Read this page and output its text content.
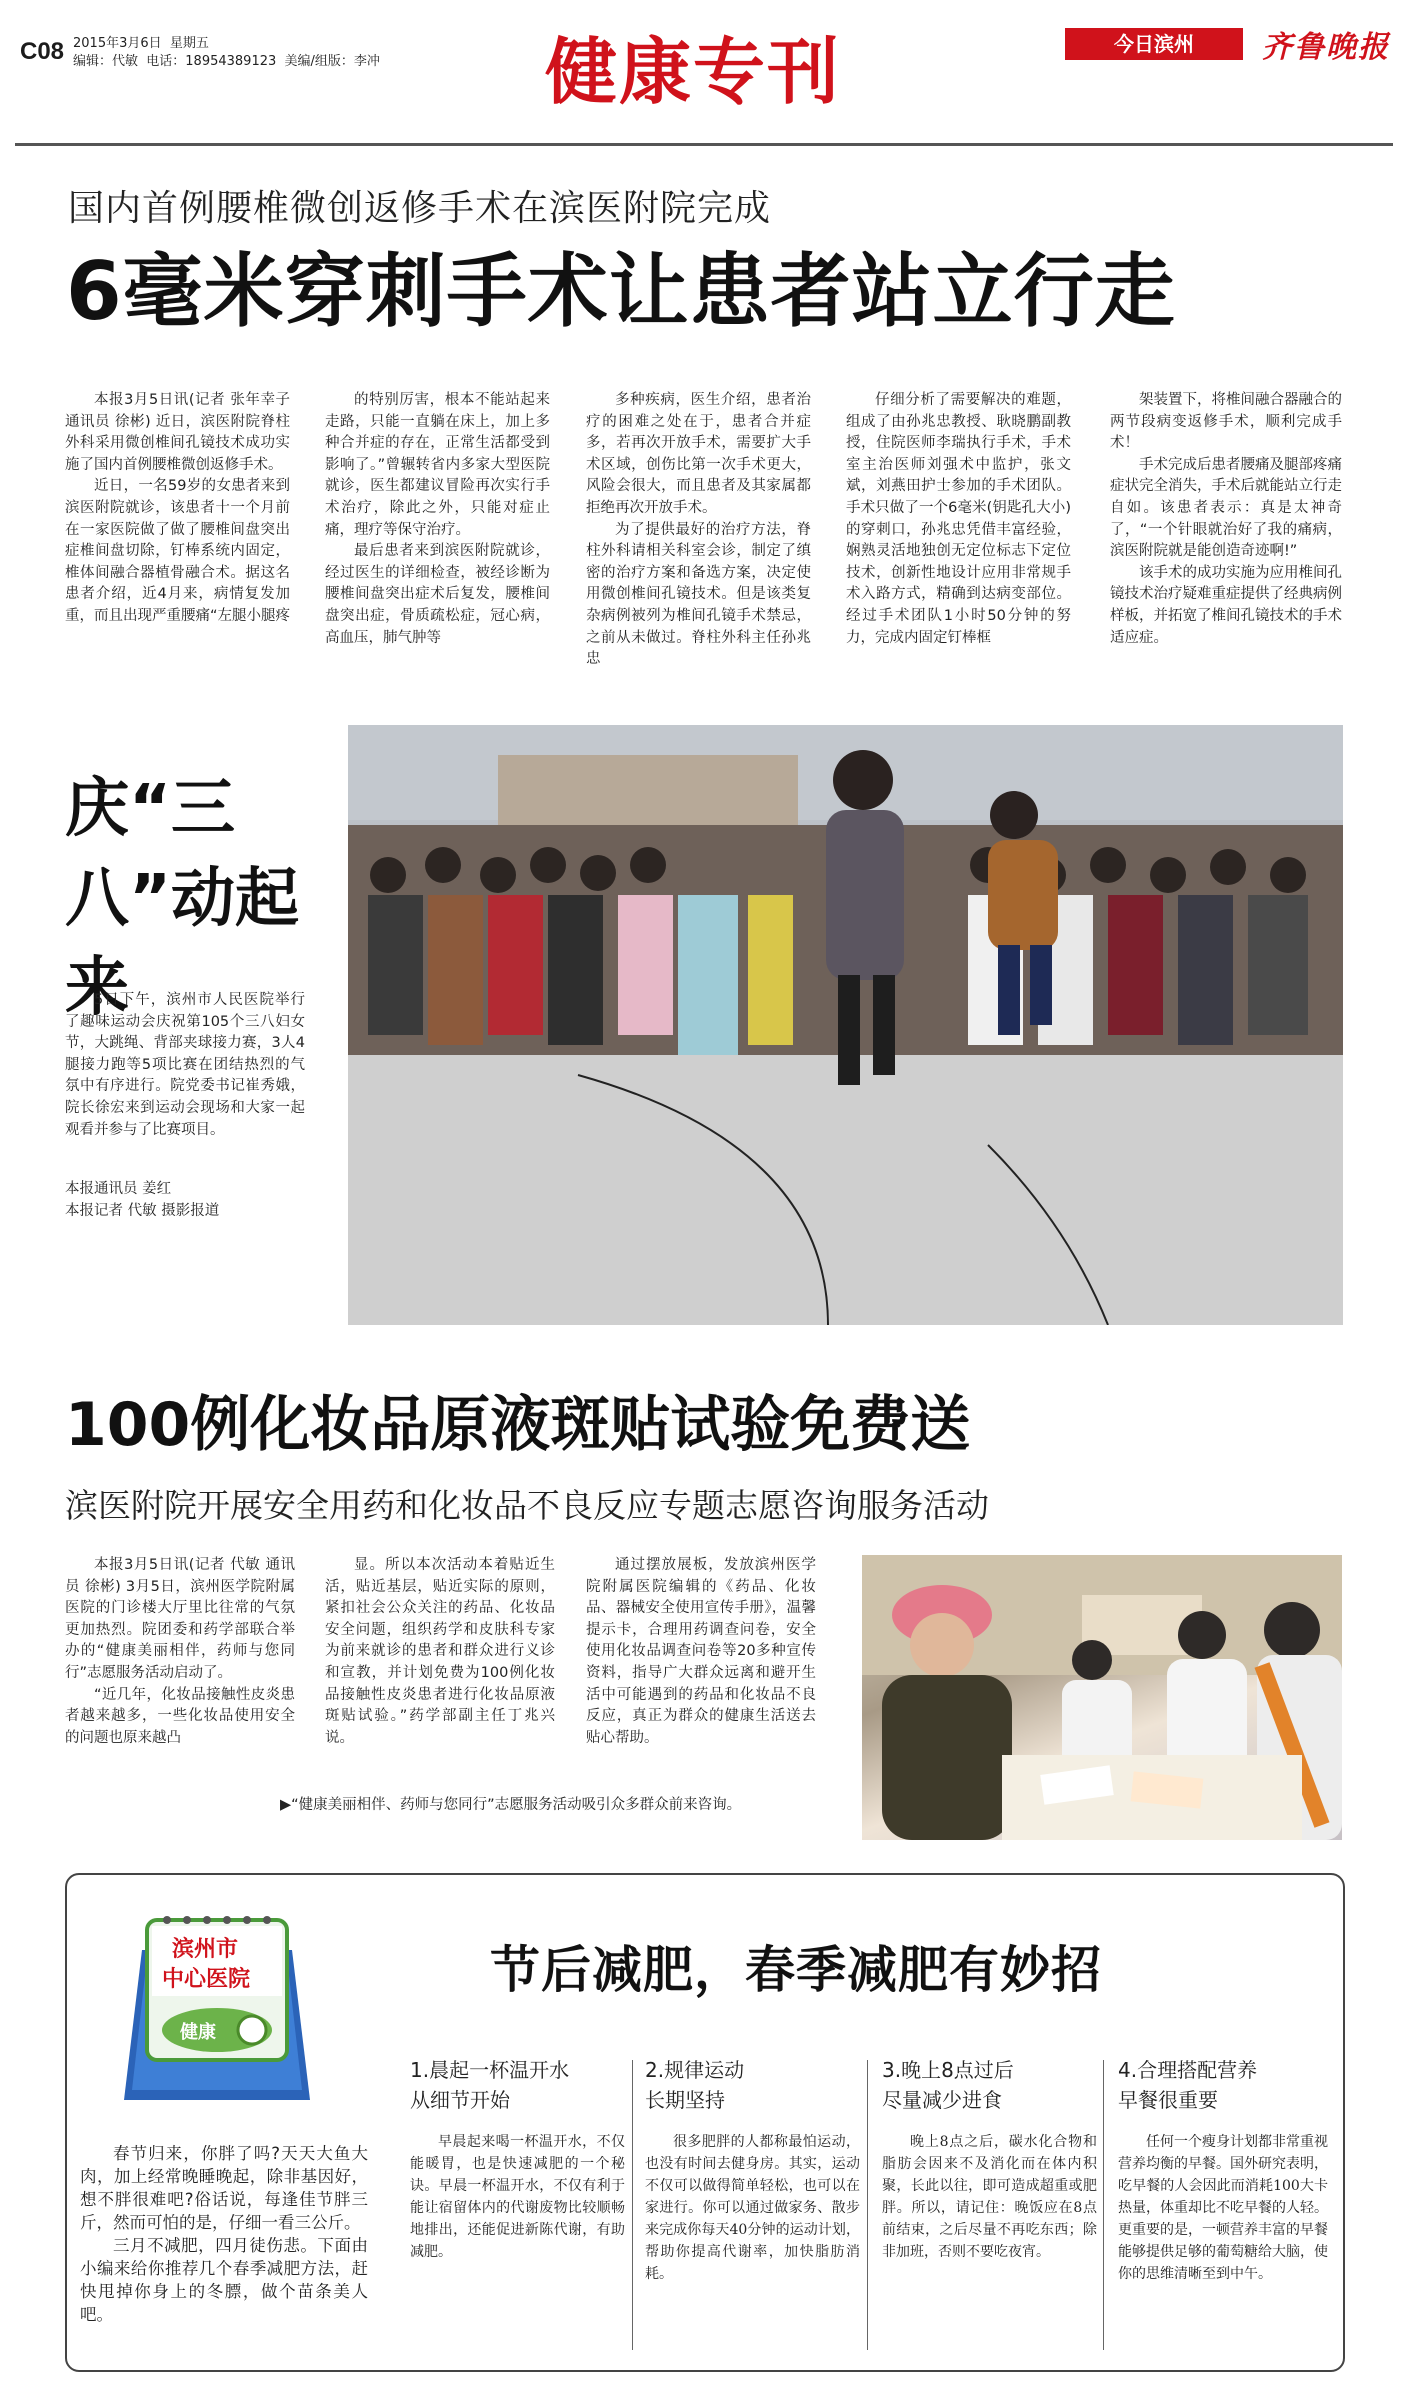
C08 2015年3月6日 星期五
编辑：代敏 电话：18954389123 美编/组版：李冲 健康专刊	今日滨州	齐鲁晚报
国内首例腰椎微创返修手术在滨医附院完成
6毫米穿刺手术让患者站立行走

本报3月5日讯(记者 张年幸子 通讯员 徐彬) 近日，滨医附院脊柱外科采用微创椎间孔镜技术成功实施了国内首例腰椎微创返修手术。

近日，一名59岁的女患者来到滨医附院就诊，该患者十一个月前在一家医院做了做了腰椎间盘突出症椎间盘切除，钉棒系统内固定，椎体间融合器植骨融合术。据这名患者介绍，近4月来，病情复发加重，而且出现严重腰痛“左腿小腿疼

的特别厉害，根本不能站起来走路，只能一直躺在床上，加上多种合并症的存在，正常生活都受到影响了。”曾辗转省内多家大型医院就诊，医生都建议冒险再次实行手术治疗，除此之外，只能对症止痛，理疗等保守治疗。

最后患者来到滨医附院就诊，经过医生的详细检查，被经诊断为腰椎间盘突出症术后复发，腰椎间盘突出症，骨质疏松症，冠心病，高血压，肺气肿等

多种疾病，医生介绍，患者治疗的困难之处在于，患者合并症多，若再次开放手术，需要扩大手术区域，创伤比第一次手术更大，风险会很大，而且患者及其家属都拒绝再次开放手术。

为了提供最好的治疗方法，脊柱外科请相关科室会诊，制定了缜密的治疗方案和备选方案，决定使用微创椎间孔镜技术。但是该类复杂病例被列为椎间孔镜手术禁忌，之前从未做过。脊柱外科主任孙兆忠

仔细分析了需要解决的难题，组成了由孙兆忠教授、耿晓鹏副教授，住院医师李瑞执行手术，手术室主治医师刘强术中监护，张文斌，刘燕田护士参加的手术团队。手术只做了一个6毫米(钥匙孔大小)的穿刺口，孙兆忠凭借丰富经验，娴熟灵活地独创无定位标志下定位技术，创新性地设计应用非常规手术入路方式，精确到达病变部位。经过手术团队1小时50分钟的努力，完成内固定钉棒框

架装置下，将椎间融合器融合的两节段病变返修手术，顺利完成手术！

手术完成后患者腰痛及腿部疼痛症状完全消失，手术后就能站立行走自如。该患者表示：真是太神奇了，“一个针眼就治好了我的痛病，滨医附院就是能创造奇迹啊!”

该手术的成功实施为应用椎间孔镜技术治疗疑难重症提供了经典病例样板，并拓宽了椎间孔镜技术的手术适应症。

庆“三八”动起来

5日下午，滨州市人民医院举行了趣味运动会庆祝第105个三八妇女节，大跳绳、背部夹球接力赛，3人4腿接力跑等5项比赛在团结热烈的气氛中有序进行。院党委书记崔秀娥，院长徐宏来到运动会现场和大家一起观看并参与了比赛项目。

本报通讯员 姜红
本报记者 代敏 摄影报道
100例化妆品原液斑贴试验免费送
滨医附院开展安全用药和化妆品不良反应专题志愿咨询服务活动

本报3月5日讯(记者 代敏 通讯员 徐彬) 3月5日，滨州医学院附属医院的门诊楼大厅里比往常的气氛更加热烈。院团委和药学部联合举办的“健康美丽相伴，药师与您同行”志愿服务活动启动了。

“近几年，化妆品接触性皮炎患者越来越多，一些化妆品使用安全的问题也原来越凸

显。所以本次活动本着贴近生活，贴近基层，贴近实际的原则，紧扣社会公众关注的药品、化妆品安全问题，组织药学和皮肤科专家为前来就诊的患者和群众进行义诊和宣教，并计划免费为100例化妆品接触性皮炎患者进行化妆品原液斑贴试验。”药学部副主任丁兆兴说。

通过摆放展板，发放滨州医学院附属医院编辑的《药品、化妆品、器械安全使用宣传手册》，温馨提示卡，合理用药调查问卷，安全使用化妆品调查问卷等20多种宣传资料，指导广大群众远离和避开生活中可能遇到的药品和化妆品不良反应，真正为群众的健康生活送去贴心帮助。

▶“健康美丽相伴、药师与您同行”志愿服务活动吸引众多群众前来咨询。
滨州市
中心医院
健康
节后减肥，春季减肥有妙招

春节归来，你胖了吗?天天大鱼大肉，加上经常晚睡晚起，除非基因好，想不胖很难吧?俗话说，每逢佳节胖三斤，然而可怕的是，仔细一看三公斤。

三月不减肥，四月徒伤悲。下面由小编来给你推荐几个春季减肥方法，赶快甩掉你身上的冬膘，做个苗条美人吧。

1.晨起一杯温开水
从细节开始

早晨起来喝一杯温开水，不仅能暖胃，也是快速减肥的一个秘诀。早晨一杯温开水，不仅有利于能让宿留体内的代谢废物比较顺畅地排出，还能促进新陈代谢，有助减肥。

2.规律运动
长期坚持

很多肥胖的人都称最怕运动，也没有时间去健身房。其实，运动不仅可以做得简单轻松，也可以在家进行。你可以通过做家务、散步来完成你每天40分钟的运动计划，帮助你提高代谢率，加快脂肪消耗。

3.晚上8点过后
尽量减少进食

晚上8点之后，碳水化合物和脂肪会因来不及消化而在体内积聚，长此以往，即可造成超重或肥胖。所以，请记住：晚饭应在8点前结束，之后尽量不再吃东西；除非加班，否则不要吃夜宵。

4.合理搭配营养
早餐很重要

任何一个瘦身计划都非常重视营养均衡的早餐。国外研究表明，吃早餐的人会因此而消耗100大卡热量，体重却比不吃早餐的人轻。更重要的是，一顿营养丰富的早餐能够提供足够的葡萄糖给大脑，使你的思维清晰至到中午。
